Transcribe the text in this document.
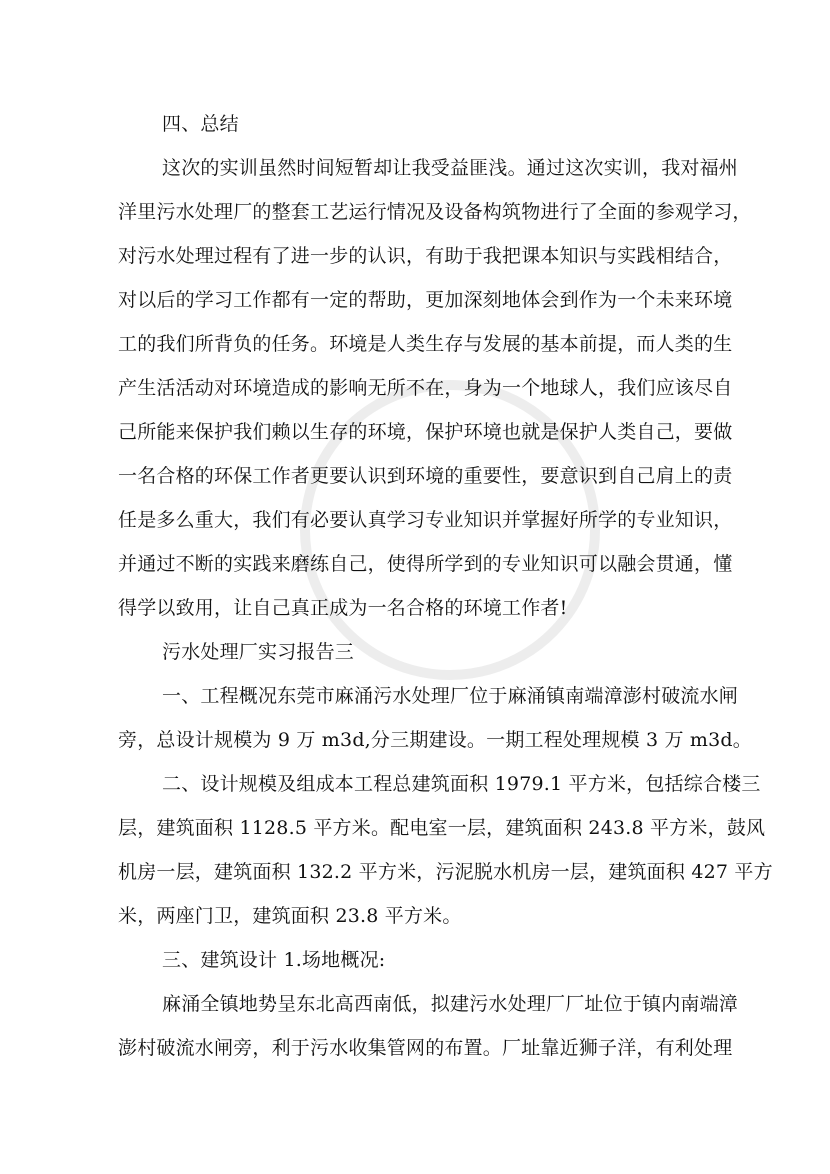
四、总结
这次的实训虽然时间短暂却让我受益匪浅。通过这次实训，我对福州
洋里污水处理厂的整套工艺运行情况及设备构筑物进行了全面的参观学习，
对污水处理过程有了进一步的认识，有助于我把课本知识与实践相结合，
对以后的学习工作都有一定的帮助，更加深刻地体会到作为一个未来环境
工的我们所背负的任务。环境是人类生存与发展的基本前提，而人类的生
产生活活动对环境造成的影响无所不在，身为一个地球人，我们应该尽自
己所能来保护我们赖以生存的环境，保护环境也就是保护人类自己，要做
一名合格的环保工作者更要认识到环境的重要性，要意识到自己肩上的责
任是多么重大，我们有必要认真学习专业知识并掌握好所学的专业知识，
并通过不断的实践来磨练自己，使得所学到的专业知识可以融会贯通，懂
得学以致用，让自己真正成为一名合格的环境工作者!
污水处理厂实习报告三
一、工程概况东莞市麻涌污水处理厂位于麻涌镇南端漳澎村破流水闸
旁，总设计规模为 9 万 m3d,分三期建设。一期工程处理规模 3 万 m3d。
二、设计规模及组成本工程总建筑面积 1979.1 平方米，包括综合楼三
层，建筑面积 1128.5 平方米。配电室一层，建筑面积 243.8 平方米，鼓风
机房一层，建筑面积 132.2 平方米，污泥脱水机房一层，建筑面积 427 平方
米，两座门卫，建筑面积 23.8 平方米。
三、建筑设计 1.场地概况:
麻涌全镇地势呈东北高西南低，拟建污水处理厂厂址位于镇内南端漳
澎村破流水闸旁，利于污水收集管网的布置。厂址靠近狮子洋，有利处理
